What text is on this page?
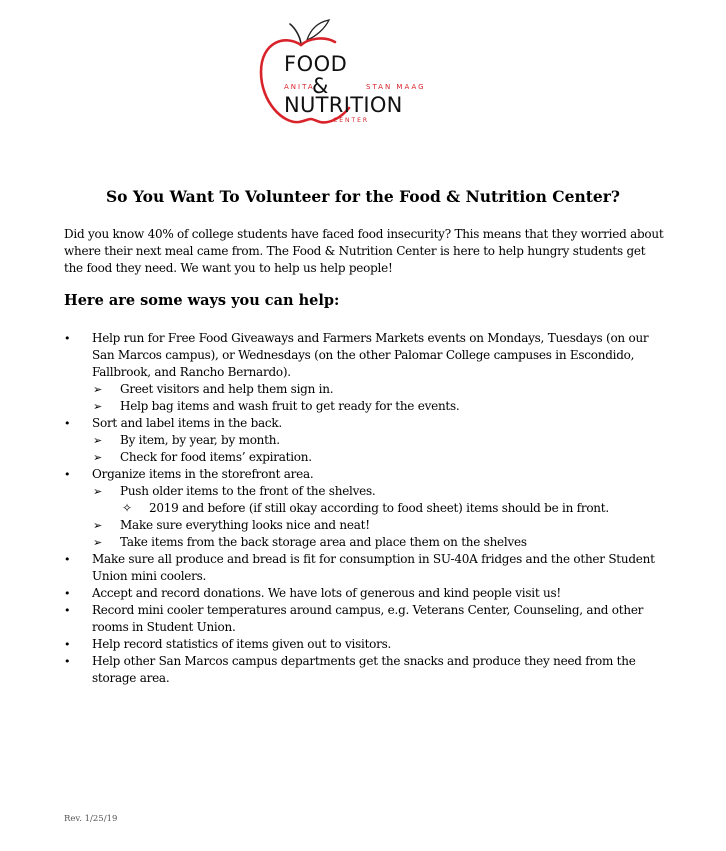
FOOD
ANITA
&	STAN MAAG
NUTRITION
CENTER
So You Want To Volunteer for the Food & Nutrition Center?

Did you know 40% of college students have faced food insecurity? This means that they worried about where their next meal came from. The Food & Nutrition Center is here to help hungry students get the food they need. We want you to help us help people!

Here are some ways you can help:
• Help run for Free Food Giveaways and Farmers Markets events on Mondays, Tuesdays (on our San Marcos campus), or Wednesdays (on the other Palomar College campuses in Escondido, Fallbrook, and Rancho Bernardo).
➢ Greet visitors and help them sign in.
➢ Help bag items and wash fruit to get ready for the events.
• Sort and label items in the back.
➢ By item, by year, by month.
➢ Check for food items’ expiration.
• Organize items in the storefront area.
➢ Push older items to the front of the shelves.
✧ 2019 and before (if still okay according to food sheet) items should be in front.
➢ Make sure everything looks nice and neat!
➢ Take items from the back storage area and place them on the shelves
• Make sure all produce and bread is fit for consumption in SU-40A fridges and the other Student Union mini coolers.
• Accept and record donations. We have lots of generous and kind people visit us!
• Record mini cooler temperatures around campus, e.g. Veterans Center, Counseling, and other rooms in Student Union.
• Help record statistics of items given out to visitors.
• Help other San Marcos campus departments get the snacks and produce they need from the storage area.
Rev. 1/25/19
